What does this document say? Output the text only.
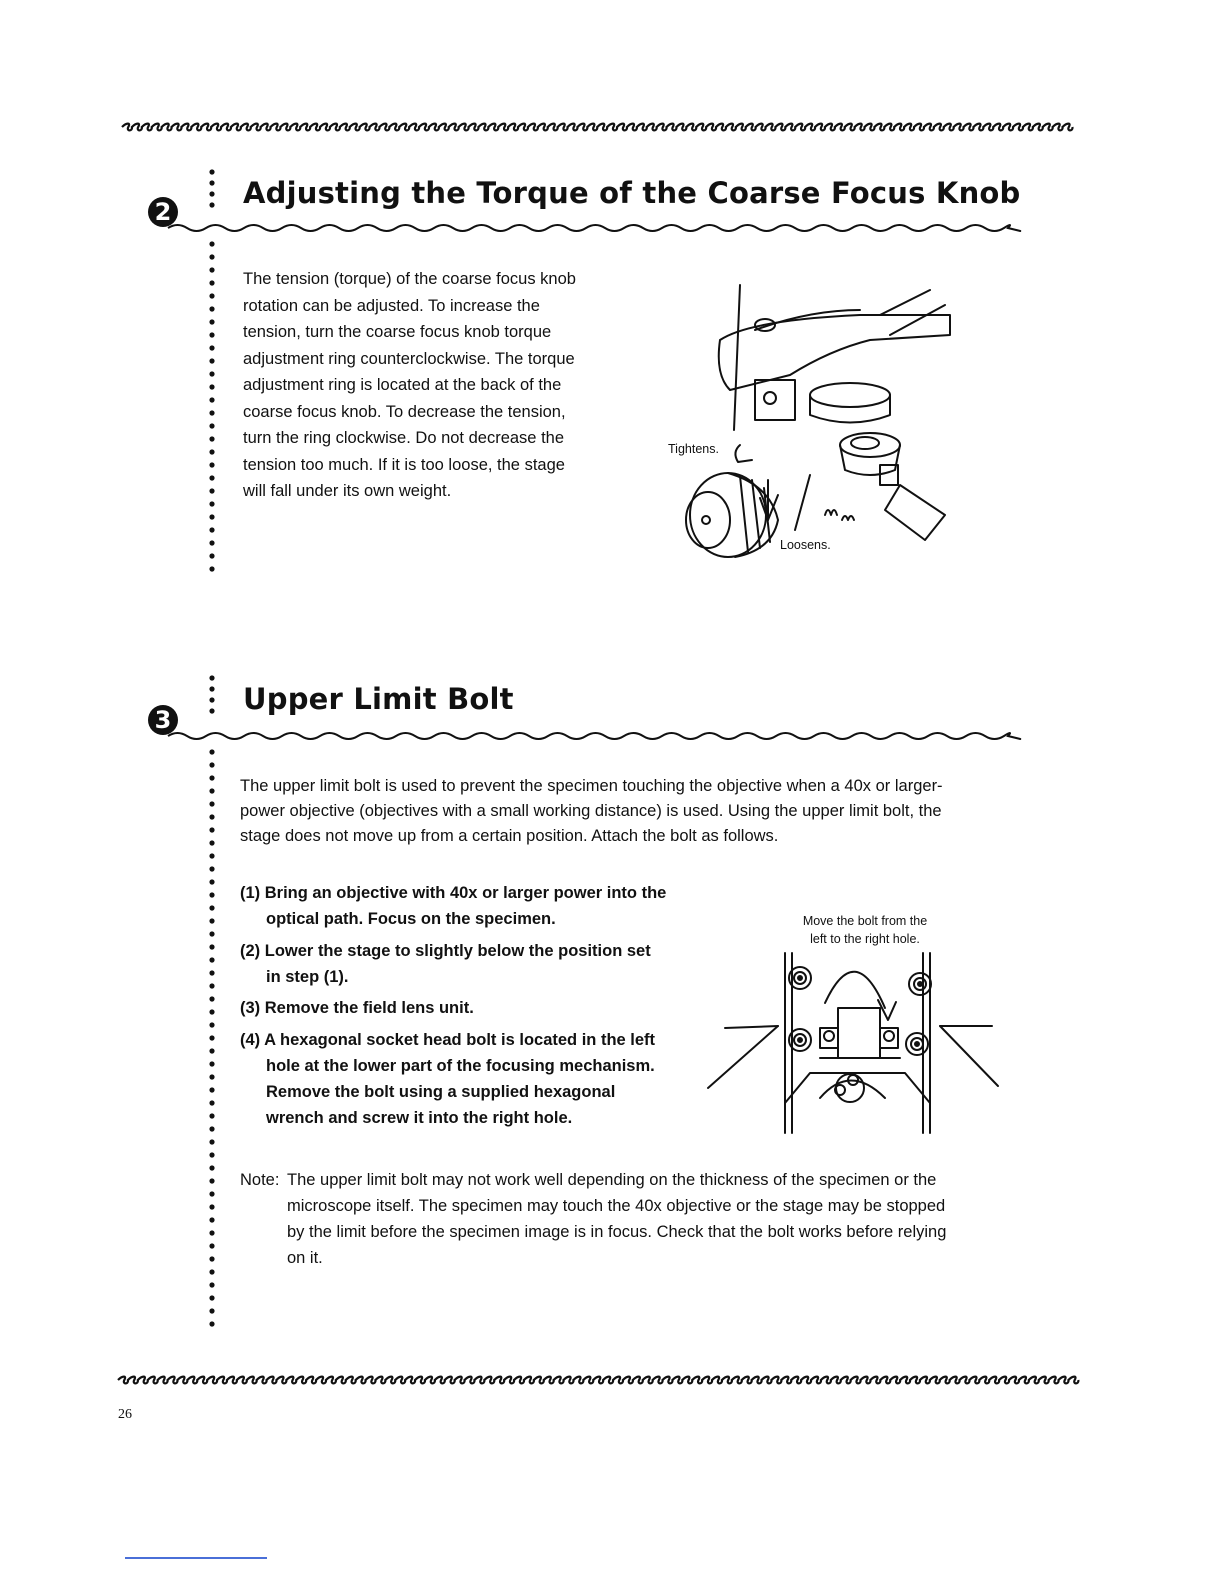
2
Adjusting the Torque of the Coarse Focus Knob
The tension (torque) of the coarse focus knob
rotation can be adjusted. To increase the
tension, turn the coarse focus knob torque
adjustment ring counterclockwise. The torque
adjustment ring is located at the back of the
coarse focus knob. To decrease the tension,
turn the ring clockwise. Do not decrease the
tension too much. If it is too loose, the stage
will fall under its own weight.
Tightens.
Loosens.
3
Upper Limit Bolt
The upper limit bolt is used to prevent the specimen touching the objective when a 40x or larger-
power objective (objectives with a small working distance) is used. Using the upper limit bolt, the
stage does not move up from a certain position. Attach the bolt as follows.
(1) Bring an objective with 40x or larger power into the
optical path. Focus on the specimen.
(2) Lower the stage to slightly below the position set
in step (1).
(3) Remove the field lens unit.
(4) A hexagonal socket head bolt is located in the left
hole at the lower part of the focusing mechanism.
Remove the bolt using a supplied hexagonal
wrench and screw it into the right hole.
Move the bolt from the
left to the right hole.
Note: The upper limit bolt may not work well depending on the thickness of the specimen or the
microscope itself. The specimen may touch the 40x objective or the stage may be stopped
by the limit before the specimen image is in focus. Check that the bolt works before relying
on it.
26
